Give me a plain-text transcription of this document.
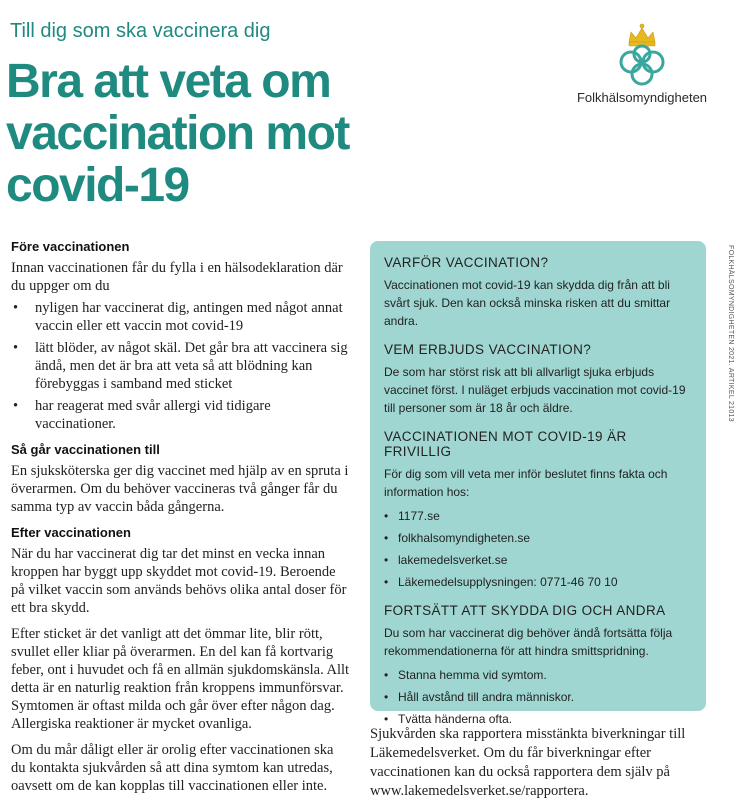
Till dig som ska vaccinera dig
Bra att veta om
vaccination mot
covid-19
Folkhälsomyndigheten
FOLKHÄLSOMYNDIGHETEN 2021. ARTIKEL 21013
Före vaccinationen

Innan vaccinationen får du fylla i en hälsodeklaration där du uppger om du

• nyligen har vaccinerat dig, antingen med något annat vaccin eller ett vaccin mot covid-19
• lätt blöder, av något skäl. Det går bra att vaccinera sig ändå, men det är bra att veta så att blödning kan förebyggas i samband med sticket
• har reagerat med svår allergi vid tidigare vaccinationer.
Så går vaccinationen till

En sjuksköterska ger dig vaccinet med hjälp av en spruta i överarmen. Om du behöver vaccineras två gånger får du samma typ av vaccin båda gångerna.

Efter vaccinationen

När du har vaccinerat dig tar det minst en vecka innan kroppen har byggt upp skyddet mot covid-19. Beroende på vilket vaccin som används behövs olika antal doser för ett bra skydd.

Efter sticket är det vanligt att det ömmar lite, blir rött, svullet eller kliar på överarmen. En del kan få kortvarig feber, ont i huvudet och få en allmän sjukdomskänsla. Allt detta är en naturlig reaktion från kroppens immunförsvar. Symtomen är oftast milda och går över efter någon dag. Allergiska reaktioner är mycket ovanliga.

Om du mår dåligt eller är orolig efter vaccinationen ska du kontakta sjukvården så att dina symtom kan utredas, oavsett om de kan kopplas till vaccinationen eller inte.

VARFÖR VACCINATION?

Vaccinationen mot covid-19 kan skydda dig från att bli svårt sjuk. Den kan också minska risken att du smittar andra.

VEM ERBJUDS VACCINATION?

De som har störst risk att bli allvarligt sjuka erbjuds vaccinet först. I nuläget erbjuds vaccination mot covid-19 till personer som är 18 år och äldre.

VACCINATIONEN MOT COVID-19 ÄR FRIVILLIG

För dig som vill veta mer inför beslutet finns fakta och information hos:

• 1177.se
• folkhalsomyndigheten.se
• lakemedelsverket.se
• Läkemedelsupplysningen: 0771-46 70 10
FORTSÄTT ATT SKYDDA DIG OCH ANDRA

Du som har vaccinerat dig behöver ändå fortsätta följa rekommendationerna för att hindra smittspridning.

• Stanna hemma vid symtom.
• Håll avstånd till andra människor.
• Tvätta händerna ofta.
Sjukvården ska rapportera misstänkta biverkningar till Läkemedelsverket. Om du får biverkningar efter vaccinationen kan du också rapportera dem själv på www.lakemedelsverket.se/rapportera.
